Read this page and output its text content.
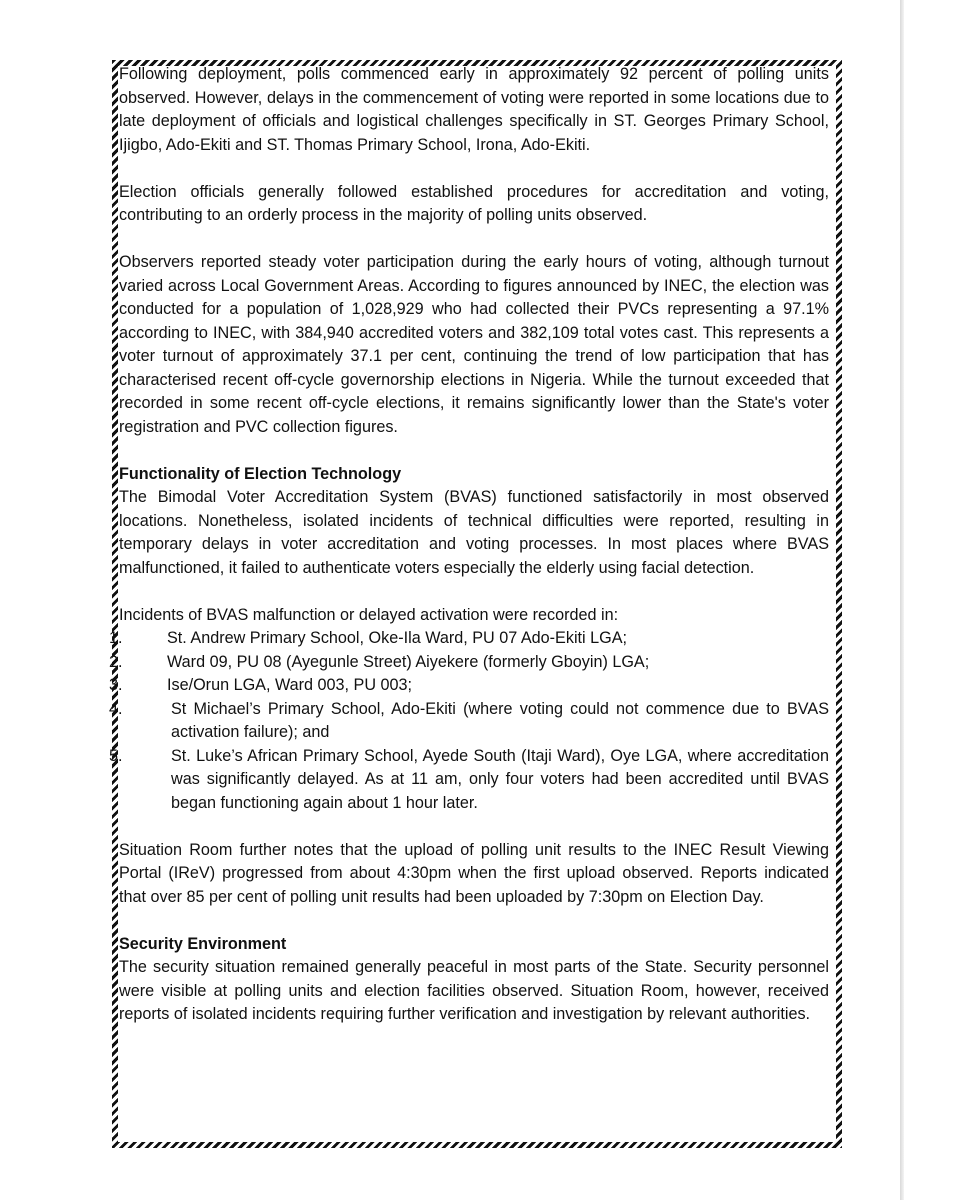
Following deployment, polls commenced early in approximately 92 percent of polling units observed. However, delays in the commencement of voting were reported in some locations due to late deployment of officials and logistical challenges specifically in ST. Georges Primary School, Ijigbo, Ado-Ekiti and ST. Thomas Primary School, Irona, Ado-Ekiti.

Election officials generally followed established procedures for accreditation and voting, contributing to an orderly process in the majority of polling units observed.

Observers reported steady voter participation during the early hours of voting, although turnout varied across Local Government Areas. According to figures announced by INEC, the election was conducted for a population of 1,028,929 who had collected their PVCs representing a 97.1% according to INEC, with 384,940 accredited voters and 382,109 total votes cast. This represents a voter turnout of approximately 37.1 per cent, continuing the trend of low participation that has characterised recent off-cycle governorship elections in Nigeria. While the turnout exceeded that recorded in some recent off-cycle elections, it remains significantly lower than the State's voter registration and PVC collection figures.

Functionality of Election Technology

The Bimodal Voter Accreditation System (BVAS) functioned satisfactorily in most observed locations. Nonetheless, isolated incidents of technical difficulties were reported, resulting in temporary delays in voter accreditation and voting processes. In most places where BVAS malfunctioned, it failed to authenticate voters especially the elderly using facial detection.

Incidents of BVAS malfunction or delayed activation were recorded in:

1.	St. Andrew Primary School, Oke-Ila Ward, PU 07 Ado-Ekiti LGA;
2.	Ward 09, PU 08 (Ayegunle Street) Aiyekere (formerly Gboyin) LGA;
3.	Ise/Orun LGA, Ward 003, PU 003;
4.	St Michael’s Primary School, Ado-Ekiti (where voting could not commence due to BVAS activation failure); and
5.	St. Luke’s African Primary School, Ayede South (Itaji Ward), Oye LGA, where accreditation was significantly delayed. As at 11 am, only four voters had been accredited until BVAS began functioning again about 1 hour later.

Situation Room further notes that the upload of polling unit results to the INEC Result Viewing Portal (IReV) progressed from about 4:30pm when the first upload observed. Reports indicated that over 85 per cent of polling unit results had been uploaded by 7:30pm on Election Day.

Security Environment

The security situation remained generally peaceful in most parts of the State. Security personnel were visible at polling units and election facilities observed. Situation Room, however, received reports of isolated incidents requiring further verification and investigation by relevant authorities.
